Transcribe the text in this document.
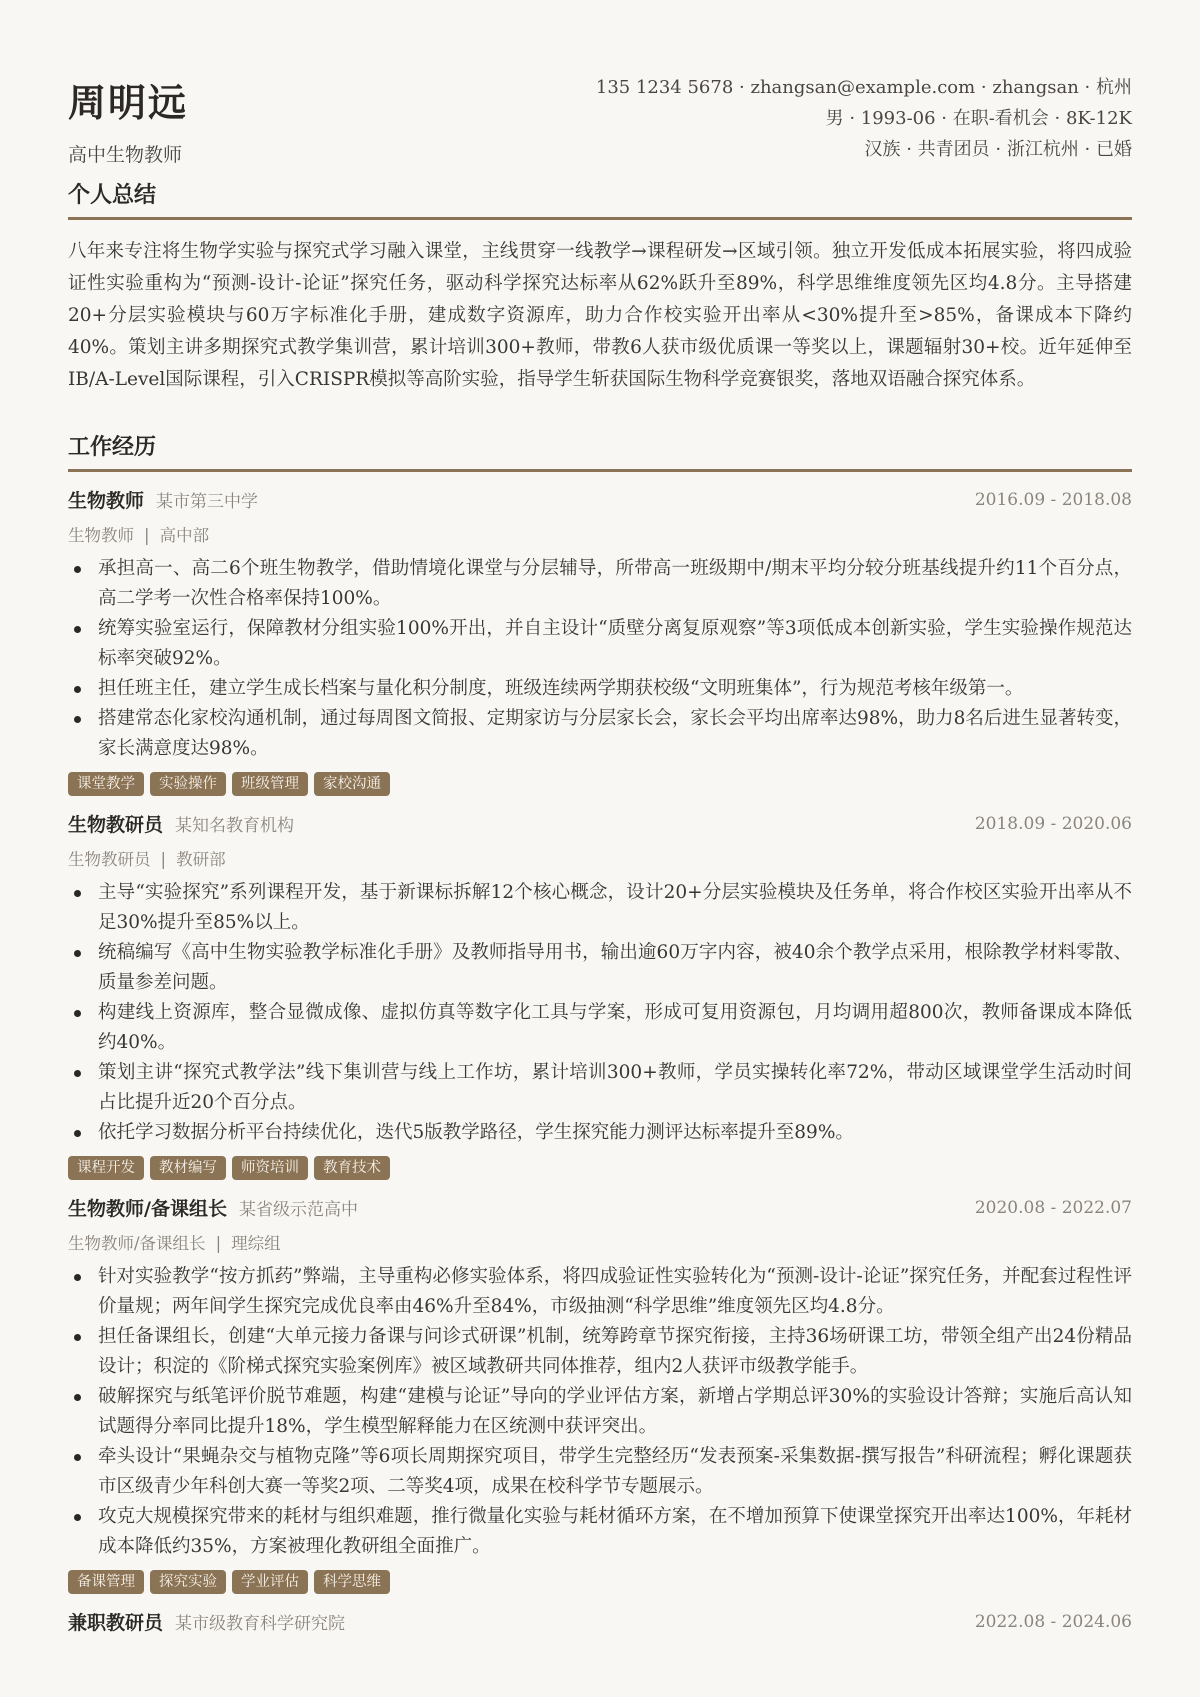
周明远
高中生物教师
135 1234 5678 · zhangsan@example.com · zhangsan · 杭州
男 · 1993-06 · 在职-看机会 · 8K-12K
汉族 · 共青团员 · 浙江杭州 · 已婚
个人总结
八年来专注将生物学实验与探究式学习融入课堂，主线贯穿一线教学→课程研发→区域引领。独立开发低成本拓展实验，将四成验证性实验重构为“预测-设计-论证”探究任务，驱动科学探究达标率从62%跃升至89%，科学思维维度领先区均4.8分。主导搭建20+分层实验模块与60万字标准化手册，建成数字资源库，助力合作校实验开出率从<30%提升至>85%，备课成本下降约40%。策划主讲多期探究式教学集训营，累计培训300+教师，带教6人获市级优质课一等奖以上，课题辐射30+校。近年延伸至IB/A-Level国际课程，引入CRISPR模拟等高阶实验，指导学生斩获国际生物科学竞赛银奖，落地双语融合探究体系。
工作经历
生物教师 某市第三中学	2016.09 - 2018.08
生物教师 | 高中部
承担高一、高二6个班生物教学，借助情境化课堂与分层辅导，所带高一班级期中/期末平均分较分班基线提升约11个百分点，高二学考一次性合格率保持100%。
统筹实验室运行，保障教材分组实验100%开出，并自主设计“质壁分离复原观察”等3项低成本创新实验，学生实验操作规范达标率突破92%。
担任班主任，建立学生成长档案与量化积分制度，班级连续两学期获校级“文明班集体”，行为规范考核年级第一。
搭建常态化家校沟通机制，通过每周图文简报、定期家访与分层家长会，家长会平均出席率达98%，助力8名后进生显著转变，家长满意度达98%。
课堂教学	实验操作	班级管理	家校沟通
生物教研员 某知名教育机构	2018.09 - 2020.06
生物教研员 | 教研部
主导“实验探究”系列课程开发，基于新课标拆解12个核心概念，设计20+分层实验模块及任务单，将合作校区实验开出率从不足30%提升至85%以上。
统稿编写《高中生物实验教学标准化手册》及教师指导用书，输出逾60万字内容，被40余个教学点采用，根除教学材料零散、质量参差问题。
构建线上资源库，整合显微成像、虚拟仿真等数字化工具与学案，形成可复用资源包，月均调用超800次，教师备课成本降低约40%。
策划主讲“探究式教学法”线下集训营与线上工作坊，累计培训300+教师，学员实操转化率72%，带动区域课堂学生活动时间占比提升近20个百分点。
依托学习数据分析平台持续优化，迭代5版教学路径，学生探究能力测评达标率提升至89%。
课程开发	教材编写	师资培训	教育技术
生物教师/备课组长 某省级示范高中	2020.08 - 2022.07
生物教师/备课组长 | 理综组
针对实验教学“按方抓药”弊端，主导重构必修实验体系，将四成验证性实验转化为“预测-设计-论证”探究任务，并配套过程性评价量规；两年间学生探究完成优良率由46%升至84%，市级抽测“科学思维”维度领先区均4.8分。
担任备课组长，创建“大单元接力备课与问诊式研课”机制，统筹跨章节探究衔接，主持36场研课工坊，带领全组产出24份精品设计；积淀的《阶梯式探究实验案例库》被区域教研共同体推荐，组内2人获评市级教学能手。
破解探究与纸笔评价脱节难题，构建“建模与论证”导向的学业评估方案，新增占学期总评30%的实验设计答辩；实施后高认知试题得分率同比提升18%，学生模型解释能力在区统测中获评突出。
牵头设计“果蝇杂交与植物克隆”等6项长周期探究项目，带学生完整经历“发表预案-采集数据-撰写报告”科研流程；孵化课题获市区级青少年科创大赛一等奖2项、二等奖4项，成果在校科学节专题展示。
攻克大规模探究带来的耗材与组织难题，推行微量化实验与耗材循环方案，在不增加预算下使课堂探究开出率达100%，年耗材成本降低约35%，方案被理化教研组全面推广。
备课管理	探究实验	学业评估	科学思维
兼职教研员 某市级教育科学研究院	2022.08 - 2024.06
